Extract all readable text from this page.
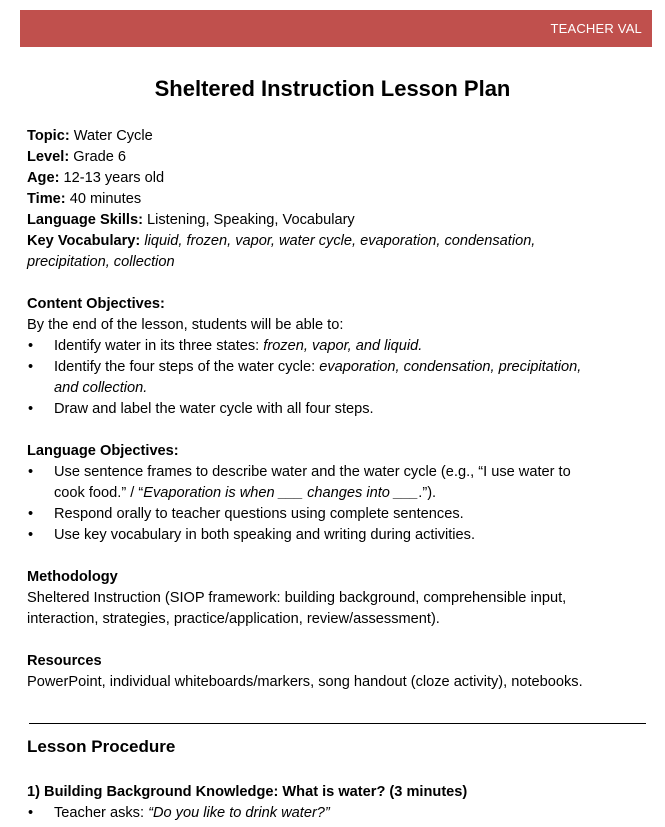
TEACHER VAL
Sheltered Instruction Lesson Plan
Topic: Water Cycle
Level: Grade 6
Age: 12-13 years old
Time: 40 minutes
Language Skills: Listening, Speaking, Vocabulary
Key Vocabulary: liquid, frozen, vapor, water cycle, evaporation, condensation,
precipitation, collection
Content Objectives:
By the end of the lesson, students will be able to:
•	Identify water in its three states: frozen, vapor, and liquid.
•	Identify the four steps of the water cycle: evaporation, condensation, precipitation,
and collection.
•	Draw and label the water cycle with all four steps.
Language Objectives:
•	Use sentence frames to describe water and the water cycle (e.g., “I use water to
cook food.” / “Evaporation is when ___ changes into ___.”).
•	Respond orally to teacher questions using complete sentences.
•	Use key vocabulary in both speaking and writing during activities.
Methodology
Sheltered Instruction (SIOP framework: building background, comprehensible input,
interaction, strategies, practice/application, review/assessment).
Resources
PowerPoint, individual whiteboards/markers, song handout (cloze activity), notebooks.
Lesson Procedure
1) Building Background Knowledge: What is water? (3 minutes)
•	Teacher asks: “Do you like to drink water?”
